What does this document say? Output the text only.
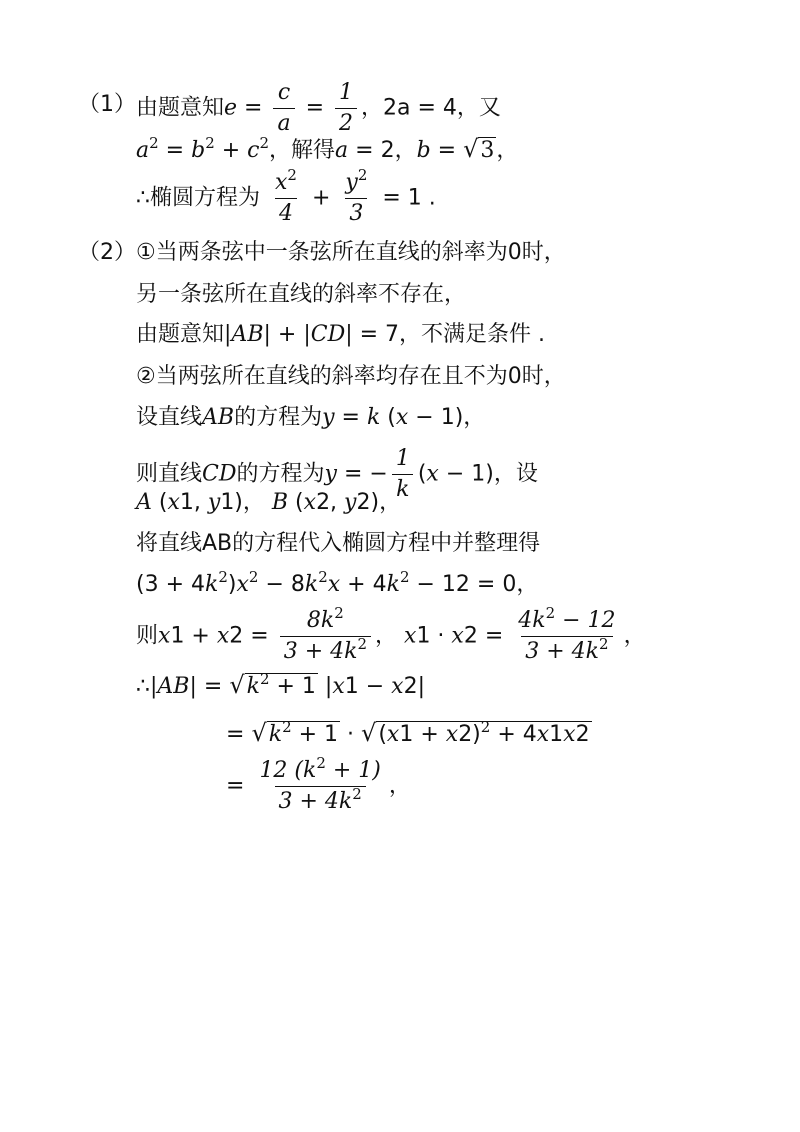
（1） 由题意知$e = \frac{c}{a} = \frac{1}{2}$ ，2a = 4，又
$a^2 = b^2 + c^2$，解得a = 2，b = √3，
∴椭圆方程为 $\frac{x^2}{4} + \frac{y^2}{3} = 1$ .
（2） ①当两条弦中一条弦所在直线的斜率为0时，
另一条弦所在直线的斜率不存在，
由题意知|AB| + |CD| = 7，不满足条件 .
②当两弦所在直线的斜率均存在且不为0时，
设直线AB的方程为y = k (x − 1)，
则直线CD的方程为y = − $\frac{1}{k} (x - 1)$，设
A (x1, y1)， B (x2, y2)，
将直线AB的方程代入椭圆方程中并整理得
$(3 + 4k^2)x^2 - 8k^2x + 4k^2 - 12 = 0$，
则$x1 + x2 = \frac{8k^2}{3 + 4k^2}$ ， $x1 \cdot x2 = \frac{4k^2 - 12}{3 + 4k^2}$ ，
∴|AB| = $√k^2 + 1$ |x1 − x2|
= $√k^2 + 1 \cdot √(x1 + x2)^2 + 4x1x2$
= $\frac{12 (k^2 + 1)}{3 + 4k^2}$ ，
